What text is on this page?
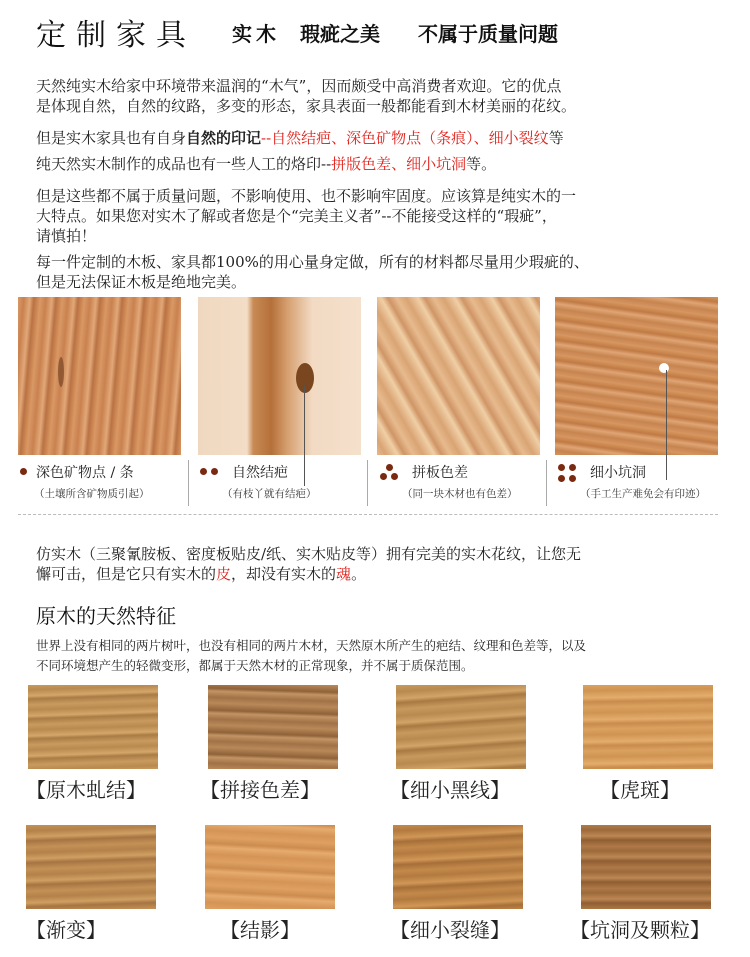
定制家具 实木 瑕疵之美 不属于质量问题
天然纯实木给家中环境带来温润的“木气”，因而颇受中高消费者欢迎。它的优点
是体现自然，自然的纹路，多变的形态，家具表面一般都能看到木材美丽的花纹。
但是实木家具也有自身自然的印记--自然结疤、深色矿物点（条痕）、细小裂纹等
纯天然实木制作的成品也有一些人工的烙印--拼版色差、细小坑洞等。
但是这些都不属于质量问题，不影响使用、也不影响牢固度。应该算是纯实木的一
大特点。如果您对实木了解或者您是个“完美主义者”--不能接受这样的“瑕疵”，
请慎拍！
每一件定制的木板、家具都100%的用心量身定做，所有的材料都尽量用少瑕疵的、
但是无法保证木板是绝地完美。
深色矿物点 / 条
（土壤所含矿物质引起）
自然结疤
（有枝丫就有结疤）
拼板色差
（同一块木材也有色差）
细小坑洞
（手工生产难免会有印迹）
仿实木（三聚氰胺板、密度板贴皮/纸、实木贴皮等）拥有完美的实木花纹，让您无
懈可击，但是它只有实木的皮，却没有实木的魂。
原木的天然特征
世界上没有相同的两片树叶，也没有相同的两片木材，天然原木所产生的疤结、纹理和色差等，以及
不同环境想产生的轻微变形，都属于天然木材的正常现象，并不属于质保范围。
【原木虬结】	【拼接色差】	【细小黑线】	【虎斑】
【渐变】	【结影】	【细小裂缝】	【坑洞及颗粒】
